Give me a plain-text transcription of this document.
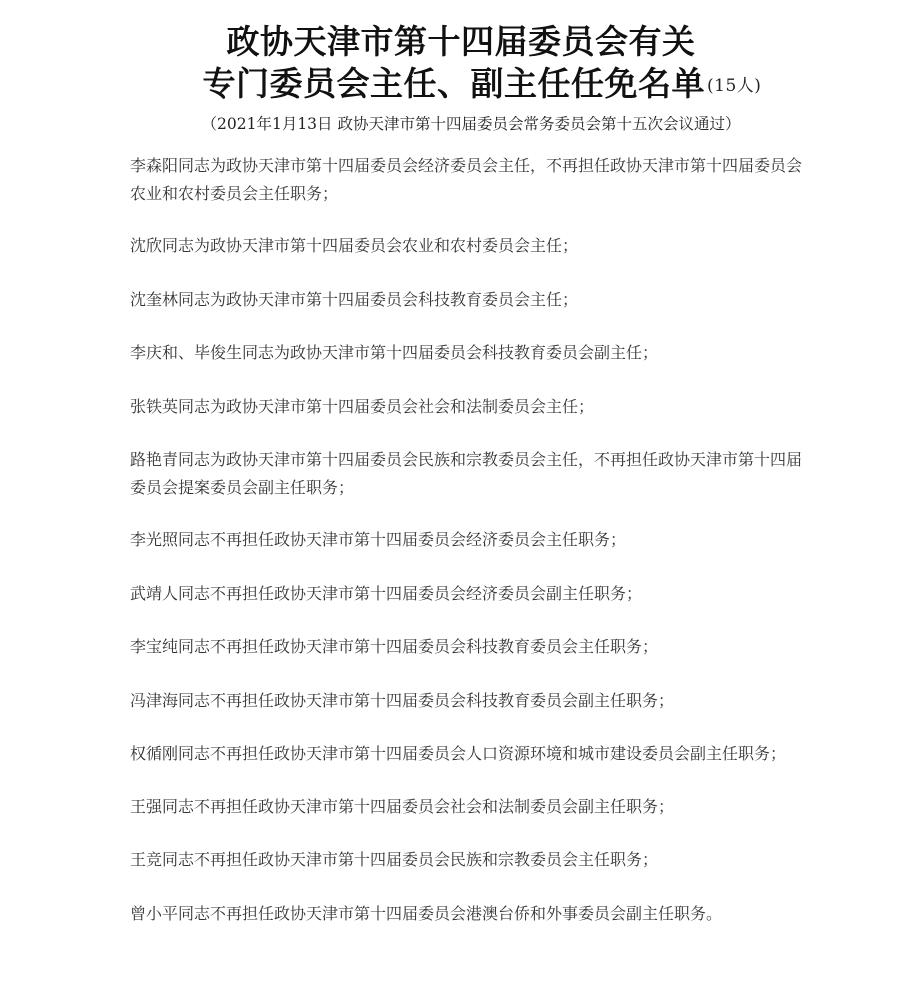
政协天津市第十四届委员会有关
专门委员会主任、副主任任免名单 (15人)
（2021年1月13日 政协天津市第十四届委员会常务委员会第十五次会议通过）

李森阳同志为政协天津市第十四届委员会经济委员会主任，不再担任政协天津市第十四届委员会农业和农村委员会主任职务；

沈欣同志为政协天津市第十四届委员会农业和农村委员会主任；

沈奎林同志为政协天津市第十四届委员会科技教育委员会主任；

李庆和、毕俊生同志为政协天津市第十四届委员会科技教育委员会副主任；

张铁英同志为政协天津市第十四届委员会社会和法制委员会主任；

路艳青同志为政协天津市第十四届委员会民族和宗教委员会主任，不再担任政协天津市第十四届委员会提案委员会副主任职务；

李光照同志不再担任政协天津市第十四届委员会经济委员会主任职务；

武靖人同志不再担任政协天津市第十四届委员会经济委员会副主任职务；

李宝纯同志不再担任政协天津市第十四届委员会科技教育委员会主任职务；

冯津海同志不再担任政协天津市第十四届委员会科技教育委员会副主任职务；

权循刚同志不再担任政协天津市第十四届委员会人口资源环境和城市建设委员会副主任职务；

王强同志不再担任政协天津市第十四届委员会社会和法制委员会副主任职务；

王竞同志不再担任政协天津市第十四届委员会民族和宗教委员会主任职务；

曾小平同志不再担任政协天津市第十四届委员会港澳台侨和外事委员会副主任职务。
